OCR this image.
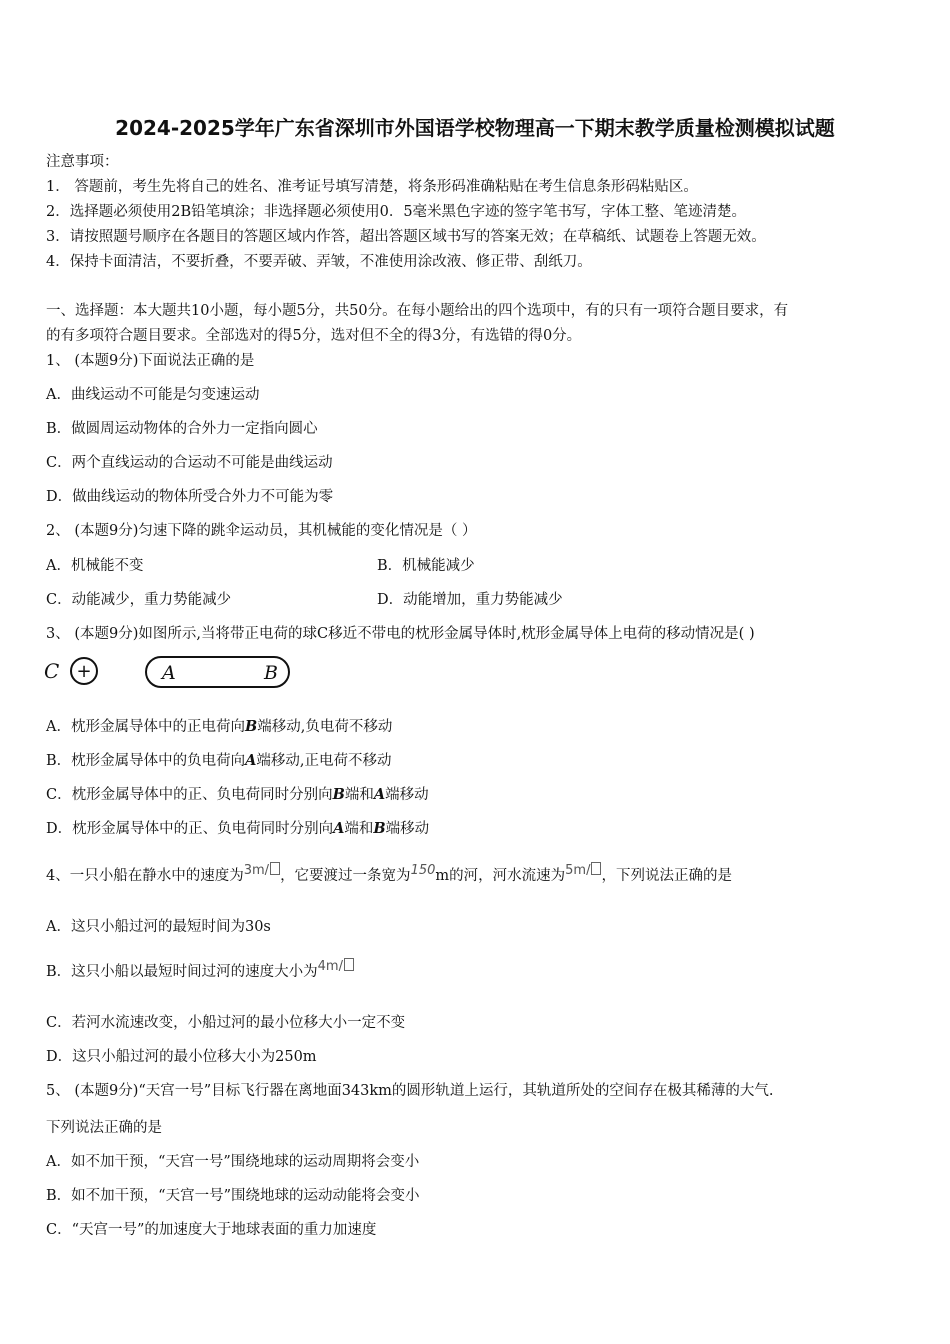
2024-2025学年广东省深圳市外国语学校物理高一下期末教学质量检测模拟试题
注意事项：
1． 答题前，考生先将自己的姓名、准考证号填写清楚，将条形码准确粘贴在考生信息条形码粘贴区。
2．选择题必须使用2B铅笔填涂；非选择题必须使用0．5毫米黑色字迹的签字笔书写，字体工整、笔迹清楚。
3．请按照题号顺序在各题目的答题区域内作答，超出答题区域书写的答案无效；在草稿纸、试题卷上答题无效。
4．保持卡面清洁，不要折叠，不要弄破、弄皱，不准使用涂改液、修正带、刮纸刀。
一、选择题：本大题共10小题，每小题5分，共50分。在每小题给出的四个选项中，有的只有一项符合题目要求，有
的有多项符合题目要求。全部选对的得5分，选对但不全的得3分，有选错的得0分。
1、 (本题9分)下面说法正确的是
A．曲线运动不可能是匀变速运动
B．做圆周运动物体的合外力一定指向圆心
C．两个直线运动的合运动不可能是曲线运动
D．做曲线运动的物体所受合外力不可能为零
2、 (本题9分)匀速下降的跳伞运动员，其机械能的变化情况是（ ）
A．机械能不变	B．机械能减少
C．动能减少，重力势能减少	D．动能增加，重力势能减少
3、 (本题9分)如图所示,当将带正电荷的球C移近不带电的枕形金属导体时,枕形金属导体上电荷的移动情况是( )
C +	A	B
A．枕形金属导体中的正电荷向B端移动,负电荷不移动
B．枕形金属导体中的负电荷向A端移动,正电荷不移动
C．枕形金属导体中的正、负电荷同时分别向B端和A端移动
D．枕形金属导体中的正、负电荷同时分别向A端和B端移动
4、一只小船在静水中的速度为3m/ ，它要渡过一条宽为150m的河，河水流速为5m/ ，下列说法正确的是
A．这只小船过河的最短时间为30s
B．这只小船以最短时间过河的速度大小为4m/
C．若河水流速改变，小船过河的最小位移大小一定不变
D．这只小船过河的最小位移大小为250m
5、 (本题9分)“天宫一号”目标飞行器在离地面343km的圆形轨道上运行，其轨道所处的空间存在极其稀薄的大气.
下列说法正确的是
A．如不加干预，“天宫一号”围绕地球的运动周期将会变小
B．如不加干预，“天宫一号”围绕地球的运动动能将会变小
C．“天宫一号”的加速度大于地球表面的重力加速度
